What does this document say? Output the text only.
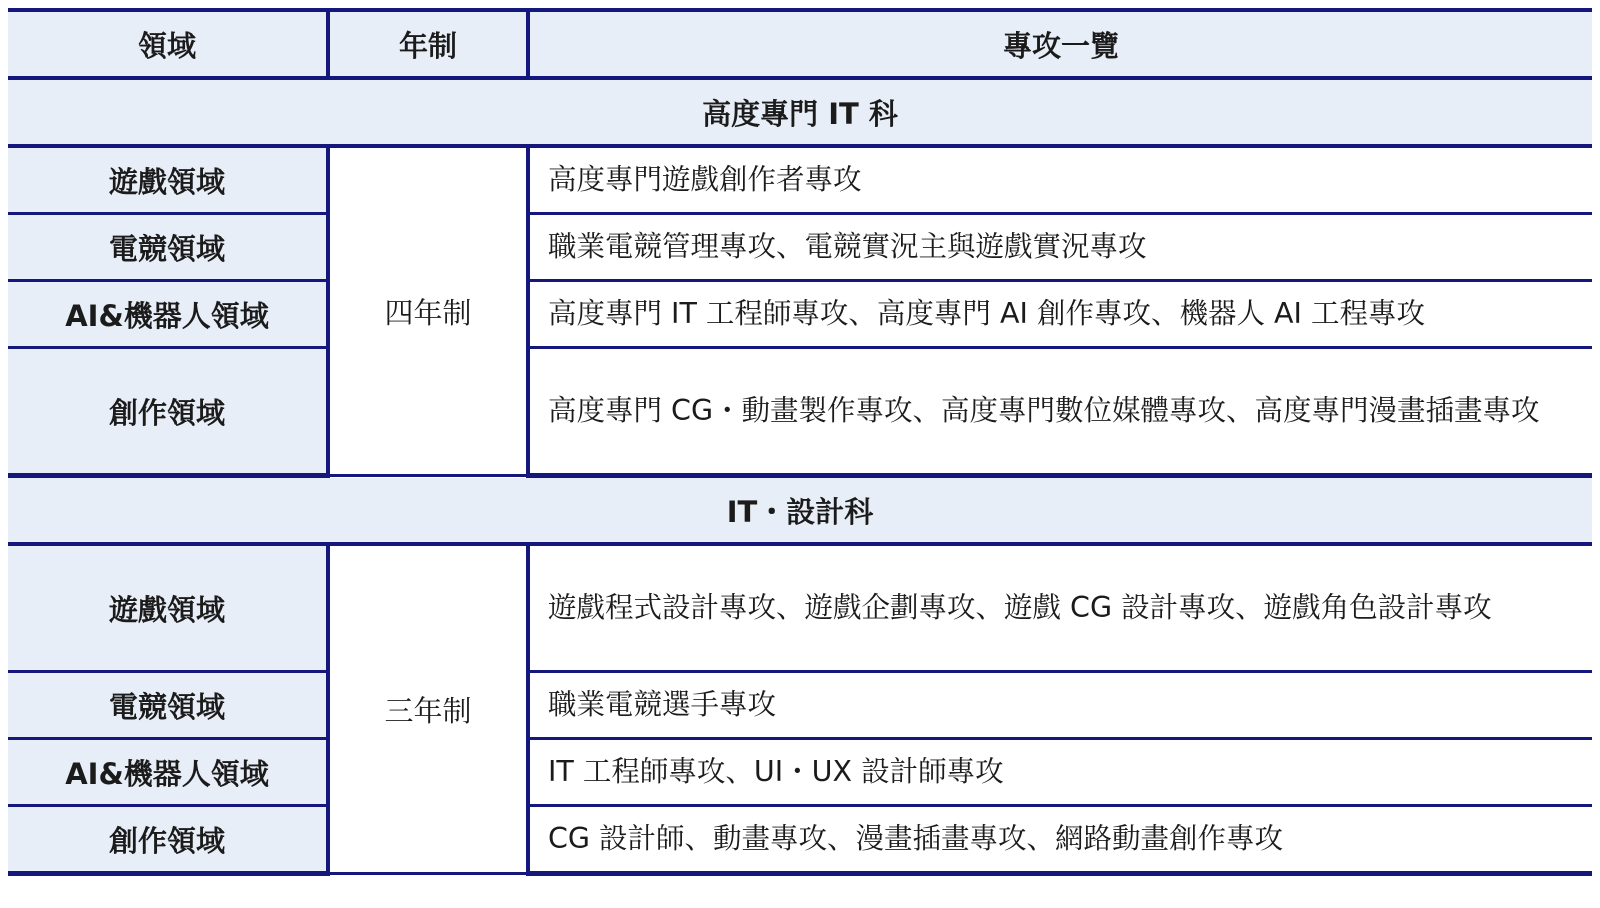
領域	年制	專攻一覽
高度專門 IT 科		
遊戲領域	四年制	高度專門遊戲創作者專攻
電競領域		職業電競管理專攻、電競實況主與遊戲實況專攻
AI&機器人領域		高度專門 IT 工程師專攻、高度專門 AI 創作專攻、機器人 AI 工程專攻
創作領域		高度專門 CG・動畫製作專攻、高度專門數位媒體專攻、高度專門漫畫插畫專攻
IT・設計科		
遊戲領域	三年制	遊戲程式設計專攻、遊戲企劃專攻、遊戲 CG 設計專攻、遊戲角色設計專攻
電競領域		職業電競選手專攻
AI&機器人領域		IT 工程師專攻、UI・UX 設計師專攻
創作領域		CG 設計師、動畫專攻、漫畫插畫專攻、網路動畫創作專攻
